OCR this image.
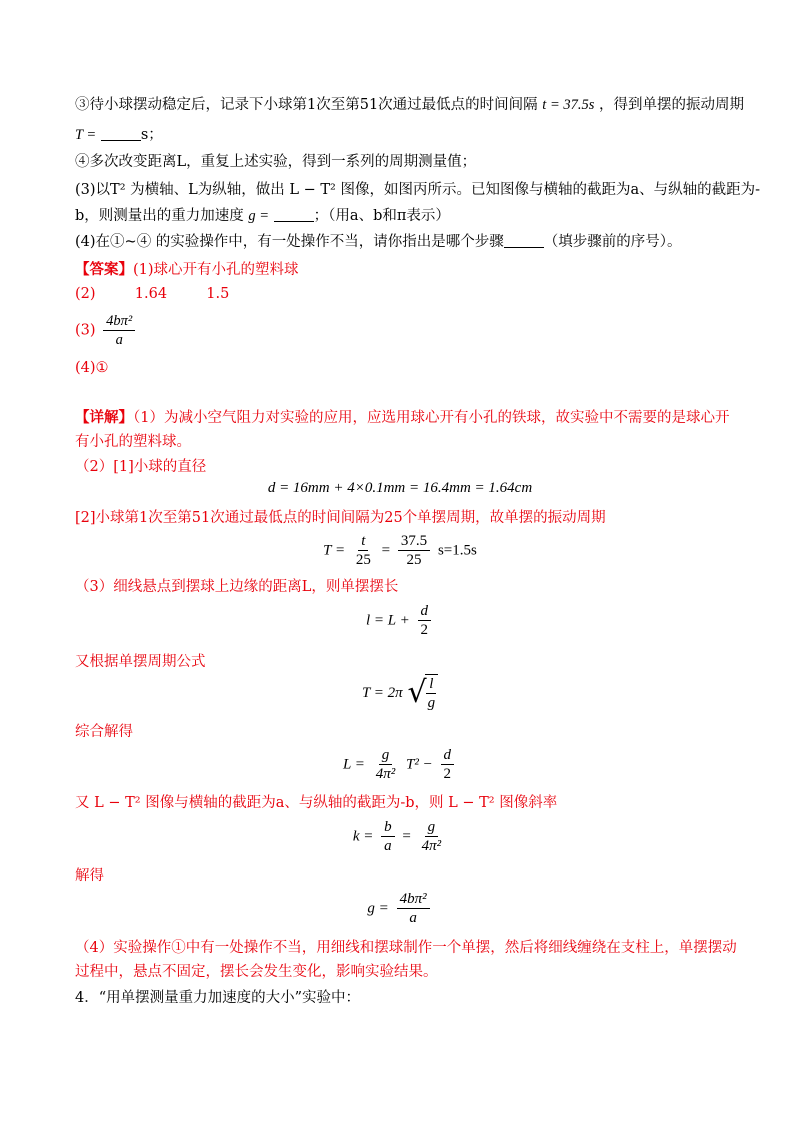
③待小球摆动稳定后，记录下小球第1次至第51次通过最低点的时间间隔 t = 37.5s ，得到单摆的振动周期
T =	s；
④多次改变距离L，重复上述实验，得到一系列的周期测量值；
(3)以T² 为横轴、L为纵轴，做出 L − T² 图像，如图丙所示。已知图像与横轴的截距为a、与纵轴的截距为-
b，则测量出的重力加速度 g =	；（用a、b和π表示）
(4)在①~④ 的实验操作中，有一处操作不当，请你指出是哪个步骤	（填步骤前的序号）。
【答案】(1)球心开有小孔的塑料球
(2)	1.64	1.5
$(3) \frac{\text{4bπ²}}{a}$
(4)①
【详解】（1）为减小空气阻力对实验的应用，应选用球心开有小孔的铁球，故实验中不需要的是球心开
有小孔的塑料球。
（2）[1]小球的直径
d = 16mm + 4×0.1mm = 16.4mm = 1.64cm
[2]小球第1次至第51次通过最低点的时间间隔为25个单摆周期，故单摆的振动周期
$T = \frac{t}{25} = \frac{37.5}{25} s=1.5s$
（3）细线悬点到摆球上边缘的距离L，则单摆摆长
$l = L + \frac{d}{2}$
又根据单摆周期公式
T = 2π √
$\frac{l}{g}$
综合解得
$L = \frac{g}{\text{4π²}} T^2 - \frac{d}{2}$
又 L − T² 图像与横轴的截距为a、与纵轴的截距为-b，则 L − T² 图像斜率
$k = \frac{b}{a} = \frac{g}{\text{4π²}}$
解得
$g = \frac{\text{4bπ²}}{a}$
（4）实验操作①中有一处操作不当，用细线和摆球制作一个单摆，然后将细线缠绕在支柱上，单摆摆动
过程中，悬点不固定，摆长会发生变化，影响实验结果。
4．“用单摆测量重力加速度的大小”实验中：
